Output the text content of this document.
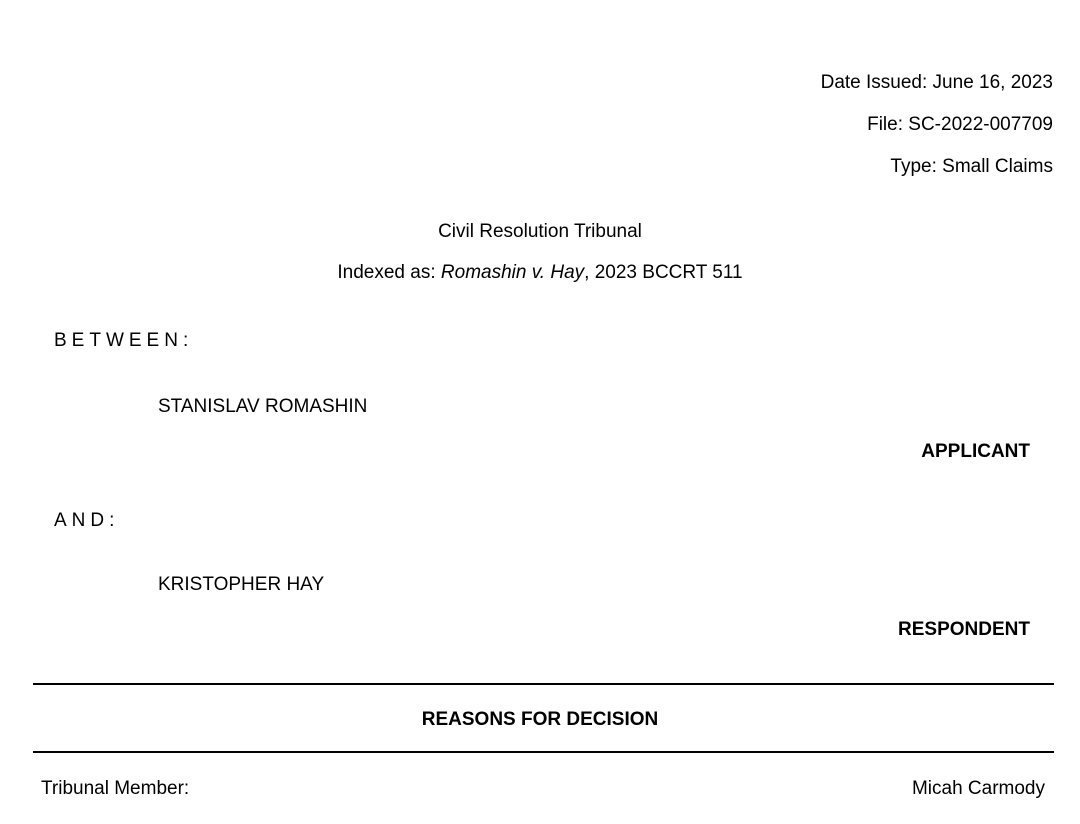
Date Issued: June 16, 2023
File: SC-2022-007709
Type: Small Claims
Civil Resolution Tribunal
Indexed as: Romashin v. Hay, 2023 BCCRT 511
BETWEEN:
STANISLAV ROMASHIN
APPLICANT
AND:
KRISTOPHER HAY
RESPONDENT
REASONS FOR DECISION
Tribunal Member:	Micah Carmody
